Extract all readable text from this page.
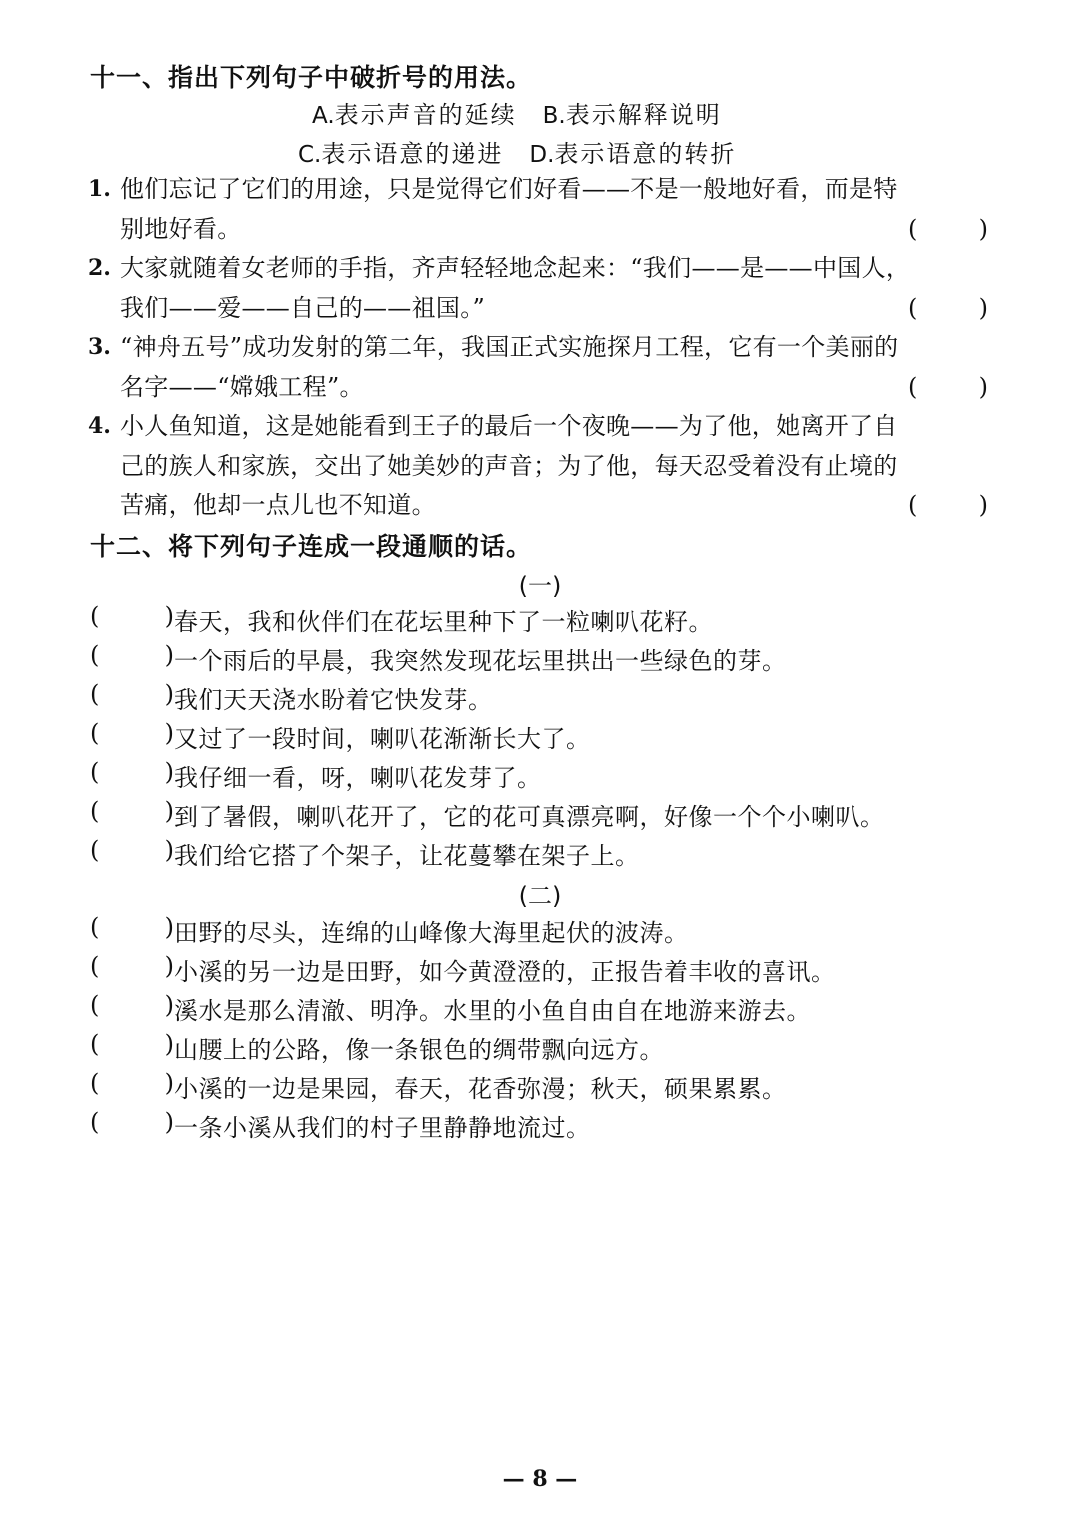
十一、指出下列句子中破折号的用法。
A.表示声音的延续 B.表示解释说明
C.表示语意的递进 D.表示语意的转折
1. 他们忘记了它们的用途，只是觉得它们好看——不是一般地好看，而是特
别地好看。	(	)
2. 大家就随着女老师的手指，齐声轻轻地念起来：“我们——是——中国人，
我们——爱——自己的——祖国。”	(	)
3. “神舟五号”成功发射的第二年，我国正式实施探月工程，它有一个美丽的
名字——“嫦娥工程”。	(	)
4. 小人鱼知道，这是她能看到王子的最后一个夜晚——为了他，她离开了自
己的族人和家族，交出了她美妙的声音；为了他，每天忍受着没有止境的
苦痛，他却一点儿也不知道。	(	)
十二、将下列句子连成一段通顺的话。
(一)
(	) 春天，我和伙伴们在花坛里种下了一粒喇叭花籽。
(	) 一个雨后的早晨，我突然发现花坛里拱出一些绿色的芽。
(	) 我们天天浇水盼着它快发芽。
(	) 又过了一段时间，喇叭花渐渐长大了。
(	) 我仔细一看，呀，喇叭花发芽了。
(	) 到了暑假，喇叭花开了，它的花可真漂亮啊，好像一个个小喇叭。
(	) 我们给它搭了个架子，让花蔓攀在架子上。
(二)
(	) 田野的尽头，连绵的山峰像大海里起伏的波涛。
(	) 小溪的另一边是田野，如今黄澄澄的，正报告着丰收的喜讯。
(	) 溪水是那么清澈、明净。水里的小鱼自由自在地游来游去。
(	) 山腰上的公路，像一条银色的绸带飘向远方。
(	) 小溪的一边是果园，春天，花香弥漫；秋天，硕果累累。
(	) 一条小溪从我们的村子里静静地流过。
— 8 —
